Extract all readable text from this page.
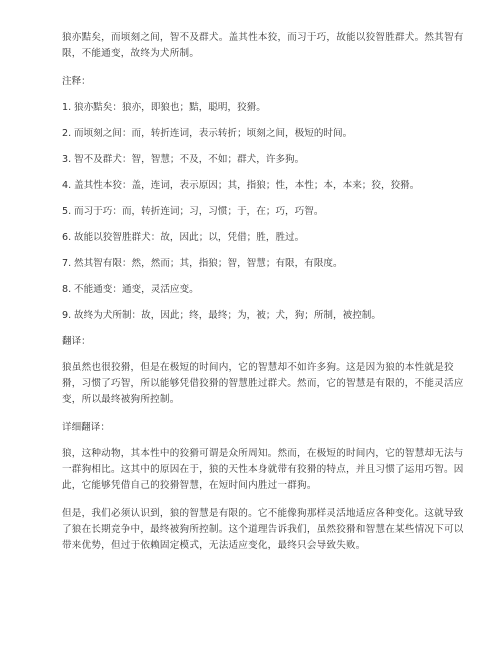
狼亦黠矣，而顷刻之间，智不及群犬。盖其性本狡，而习于巧，故能以狡智胜群犬。然其智有限，不能通变，故终为犬所制。

注释：

1. 狼亦黠矣：狼亦，即狼也；黠，聪明，狡猾。
2. 而顷刻之间：而，转折连词，表示转折；顷刻之间，极短的时间。
3. 智不及群犬：智，智慧；不及，不如；群犬，许多狗。
4. 盖其性本狡：盖，连词，表示原因；其，指狼；性，本性；本，本来；狡，狡猾。
5. 而习于巧：而，转折连词；习，习惯；于，在；巧，巧智。
6. 故能以狡智胜群犬：故，因此；以，凭借；胜，胜过。
7. 然其智有限：然，然而；其，指狼；智，智慧；有限，有限度。
8. 不能通变：通变，灵活应变。
9. 故终为犬所制：故，因此；终，最终；为，被；犬，狗；所制，被控制。

翻译：

狼虽然也很狡猾，但是在极短的时间内，它的智慧却不如许多狗。这是因为狼的本性就是狡猾，习惯了巧智，所以能够凭借狡猾的智慧胜过群犬。然而，它的智慧是有限的，不能灵活应变，所以最终被狗所控制。

详细翻译：

狼，这种动物，其本性中的狡猾可谓是众所周知。然而，在极短的时间内，它的智慧却无法与一群狗相比。这其中的原因在于，狼的天性本身就带有狡猾的特点，并且习惯了运用巧智。因此，它能够凭借自己的狡猾智慧，在短时间内胜过一群狗。

但是，我们必须认识到，狼的智慧是有限的。它不能像狗那样灵活地适应各种变化。这就导致了狼在长期竞争中，最终被狗所控制。这个道理告诉我们，虽然狡猾和智慧在某些情况下可以带来优势，但过于依赖固定模式，无法适应变化，最终只会导致失败。
